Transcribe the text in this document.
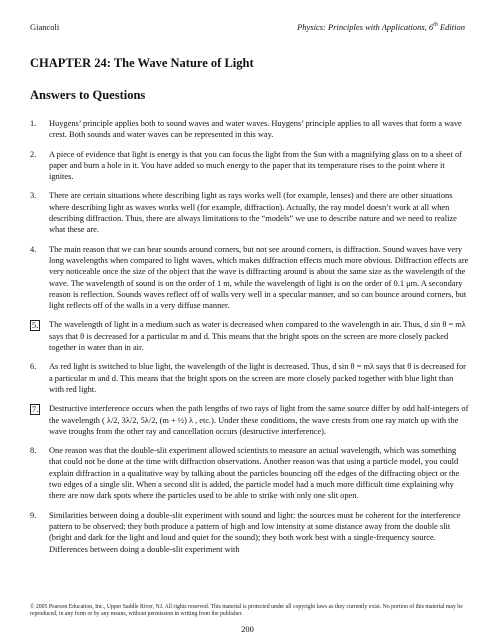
Giancoli	Physics: Principles with Applications, 6th Edition
CHAPTER 24: The Wave Nature of Light
Answers to Questions
1. Huygens’ principle applies both to sound waves and water waves. Huygens’ principle applies to all waves that form a wave crest. Both sounds and water waves can be represented in this way.
2. A piece of evidence that light is energy is that you can focus the light from the Sun with a magnifying glass on to a sheet of paper and burn a hole in it. You have added so much energy to the paper that its temperature rises to the point where it ignites.
3. There are certain situations where describing light as rays works well (for example, lenses) and there are other situations where describing light as waves works well (for example, diffraction). Actually, the ray model doesn’t work at all when describing diffraction. Thus, there are always limitations to the “models” we use to describe nature and we need to realize what these are.
4. The main reason that we can hear sounds around corners, but not see around corners, is diffraction. Sound waves have very long wavelengths when compared to light waves, which makes diffraction effects much more obvious. Diffraction effects are very noticeable once the size of the object that the wave is diffracting around is about the same size as the wavelength of the wave. The wavelength of sound is on the order of 1 m, while the wavelength of light is on the order of 0.1 μm. A secondary reason is reflection. Sounds waves reflect off of walls very well in a specular manner, and so can bounce around corners, but light reflects off of the walls in a very diffuse manner.
5. The wavelength of light in a medium such as water is decreased when compared to the wavelength in air. Thus, d sin θ = mλ says that θ is decreased for a particular m and d. This means that the bright spots on the screen are more closely packed together in water than in air.
6. As red light is switched to blue light, the wavelength of the light is decreased. Thus, d sin θ = mλ says that θ is decreased for a particular m and d. This means that the bright spots on the screen are more closely packed together with blue light than with red light.
7. Destructive interference occurs when the path lengths of two rays of light from the same source differ by odd half-integers of the wavelength ( λ/2, 3λ/2, 5λ/2, (m + ½) λ , etc.). Under these conditions, the wave crests from one ray match up with the wave troughs from the other ray and cancellation occurs (destructive interference).
8. One reason was that the double-slit experiment allowed scientists to measure an actual wavelength, which was something that could not be done at the time with diffraction observations. Another reason was that using a particle model, you could explain diffraction in a qualitative way by talking about the particles bouncing off the edges of the diffracting object or the two edges of a single slit. When a second slit is added, the particle model had a much more difficult time explaining why there are now dark spots where the particles used to be able to strike with only one slit open.
9. Similarities between doing a double-slit experiment with sound and light: the sources must be coherent for the interference pattern to be observed; they both produce a pattern of high and low intensity at some distance away from the double slit (bright and dark for the light and loud and quiet for the sound); they both work best with a single-frequency source. Differences between doing a double-slit experiment with
© 2005 Pearson Education, Inc., Upper Saddle River, NJ. All rights reserved. This material is protected under all copyright laws as they currently exist. No portion of this material may be reproduced, in any form or by any means, without permission in writing from the publisher.
200
